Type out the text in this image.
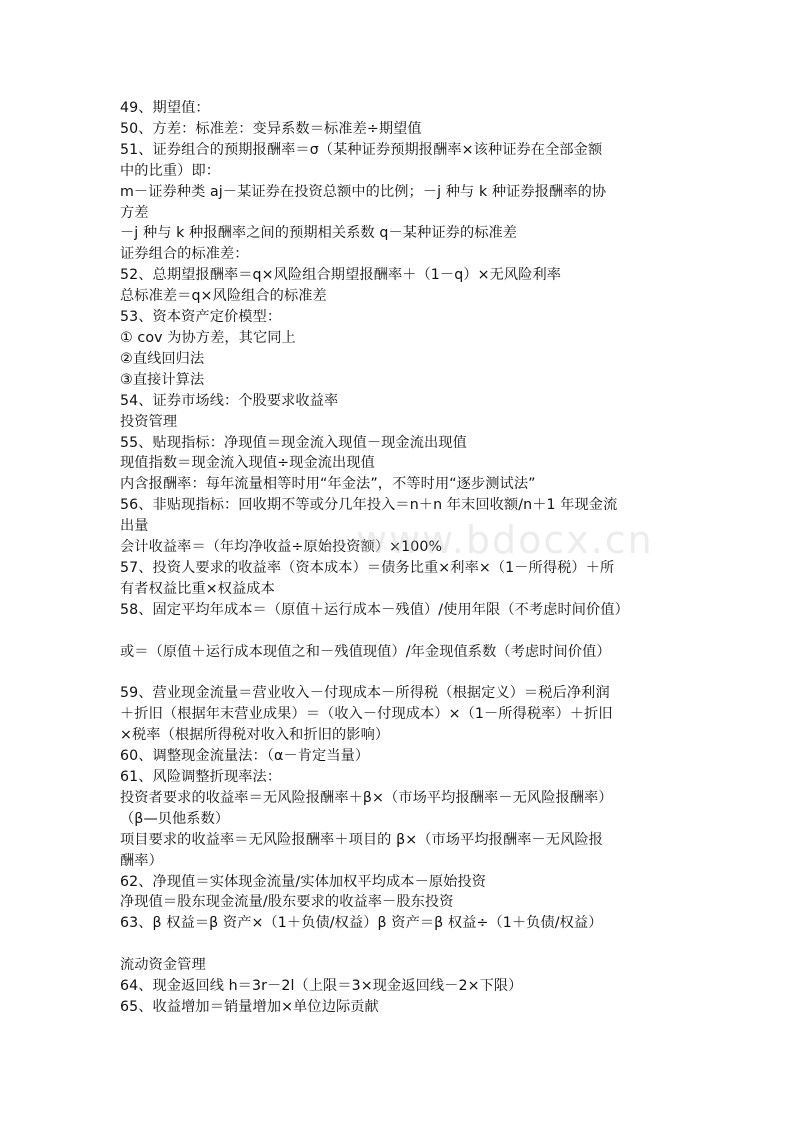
49、期望值：
50、方差：标准差：变异系数＝标准差÷期望值
51、证券组合的预期报酬率＝σ（某种证券预期报酬率×该种证券在全部金额
中的比重）即：
m－证券种类 aj－某证券在投资总额中的比例；－j 种与 k 种证券报酬率的协
方差
－j 种与 k 种报酬率之间的预期相关系数 q－某种证券的标准差
证券组合的标准差：
52、总期望报酬率＝q×风险组合期望报酬率＋（1－q）×无风险利率
总标准差＝q×风险组合的标准差
53、资本资产定价模型：
① cov 为协方差，其它同上
②直线回归法
③直接计算法
54、证券市场线：个股要求收益率
投资管理
55、贴现指标：净现值＝现金流入现值－现金流出现值
现值指数＝现金流入现值÷现金流出现值
内含报酬率：每年流量相等时用“年金法”，不等时用“逐步测试法”
56、非贴现指标：回收期不等或分几年投入＝n＋n 年末回收额/n＋1 年现金流
出量
会计收益率＝（年均净收益÷原始投资额）×100%
57、投资人要求的收益率（资本成本）＝债务比重×利率×（1－所得税）＋所
有者权益比重×权益成本
58、固定平均年成本＝（原值＋运行成本－残值）/使用年限（不考虑时间价值）
或＝（原值＋运行成本现值之和－残值现值）/年金现值系数（考虑时间价值）
59、营业现金流量＝营业收入－付现成本－所得税（根据定义）＝税后净利润
＋折旧（根据年末营业成果）＝（收入－付现成本）×（1－所得税率）＋折旧
×税率（根据所得税对收入和折旧的影响）
60、调整现金流量法：（α－肯定当量）
61、风险调整折现率法：
投资者要求的收益率＝无风险报酬率＋β×（市场平均报酬率－无风险报酬率）
（β—贝他系数）
项目要求的收益率＝无风险报酬率＋项目的 β×（市场平均报酬率－无风险报
酬率）
62、净现值＝实体现金流量/实体加权平均成本－原始投资
净现值＝股东现金流量/股东要求的收益率－股东投资
63、β 权益＝β 资产×（1＋负债/权益）β 资产＝β 权益÷（1＋负债/权益）
流动资金管理
64、现金返回线 h＝3r－2l（上限＝3×现金返回线－2×下限）
65、收益增加＝销量增加×单位边际贡献
www.bdocx.cn
